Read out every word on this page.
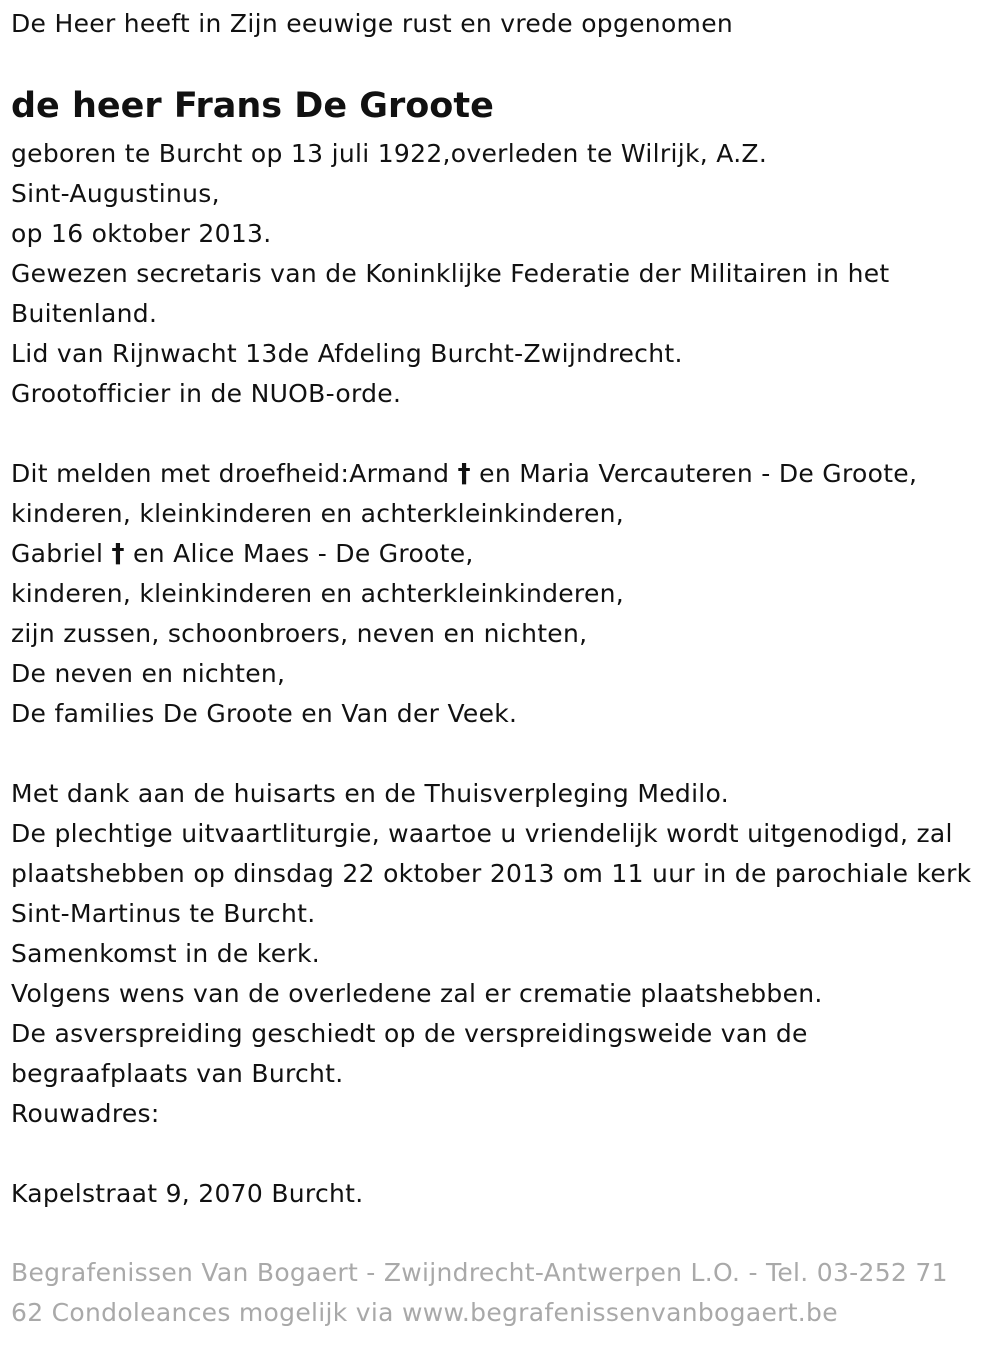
De Heer heeft in Zijn eeuwige rust en vrede opgenomen
de heer Frans De Groote
geboren te Burcht op 13 juli 1922,overleden te Wilrijk, A.Z.
Sint-Augustinus,
op 16 oktober 2013.
Gewezen secretaris van de Koninklijke Federatie der Militairen in het
Buitenland.
Lid van Rijnwacht 13de Afdeling Burcht-Zwijndrecht.
Grootofficier in de NUOB-orde.
Dit melden met droefheid:Armand † en Maria Vercauteren - De Groote,
kinderen, kleinkinderen en achterkleinkinderen,
Gabriel † en Alice Maes - De Groote,
kinderen, kleinkinderen en achterkleinkinderen,
zijn zussen, schoonbroers, neven en nichten,
De neven en nichten,
De families De Groote en Van der Veek.
Met dank aan de huisarts en de Thuisverpleging Medilo.
De plechtige uitvaartliturgie, waartoe u vriendelijk wordt uitgenodigd, zal
plaatshebben op dinsdag 22 oktober 2013 om 11 uur in de parochiale kerk
Sint-Martinus te Burcht.
Samenkomst in de kerk.
Volgens wens van de overledene zal er crematie plaatshebben.
De asverspreiding geschiedt op de verspreidingsweide van de
begraafplaats van Burcht.
Rouwadres:
Kapelstraat 9, 2070 Burcht.
Begrafenissen Van Bogaert - Zwijndrecht-Antwerpen L.O. - Tel. 03-252 71
62 Condoleances mogelijk via www.begrafenissenvanbogaert.be
